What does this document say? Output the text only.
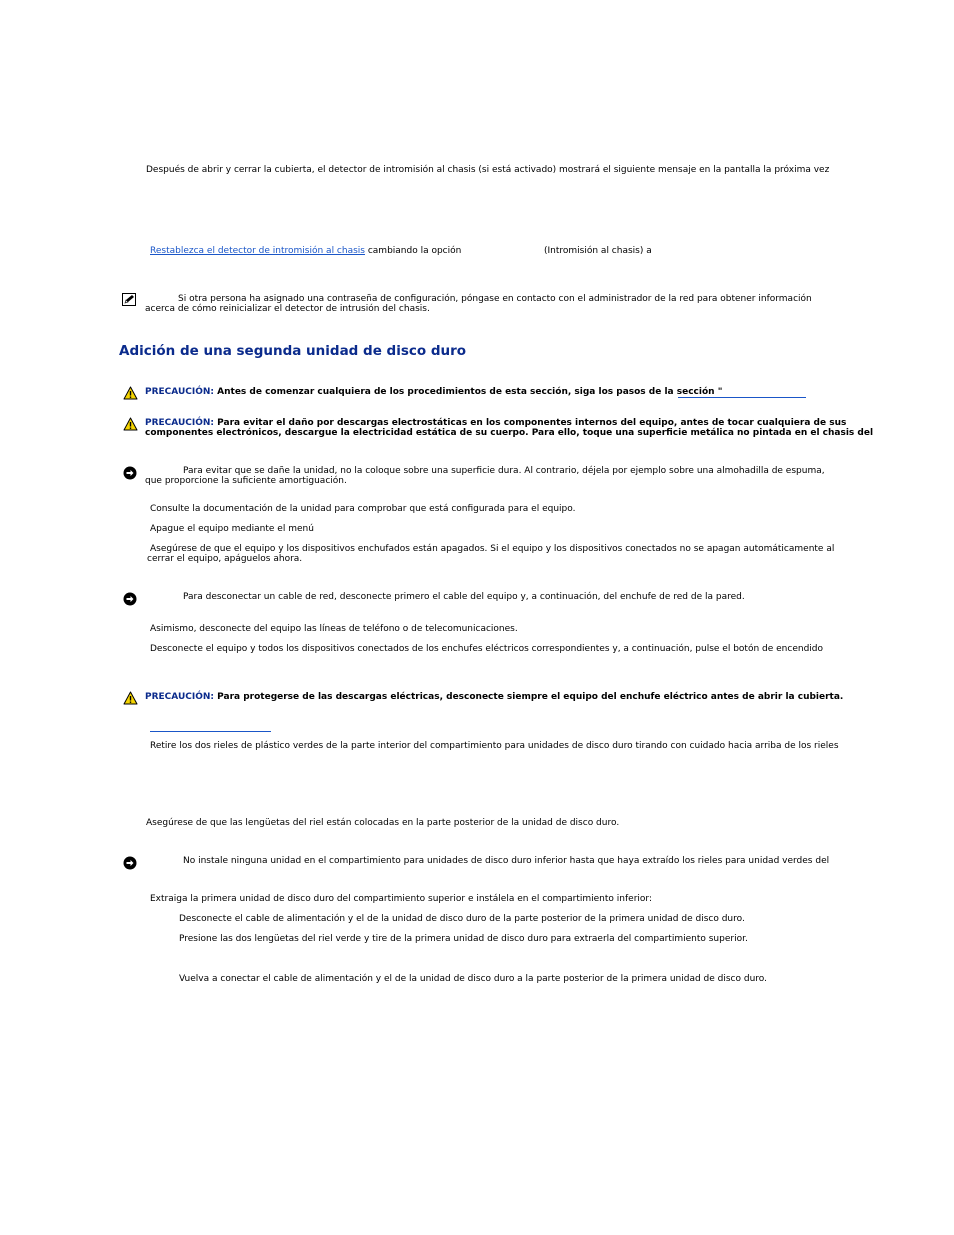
Después de abrir y cerrar la cubierta, el detector de intromisión al chasis (si está activado) mostrará el siguiente mensaje en la pantalla la próxima vez

Restablezca el detector de intromisión al chasis cambiando la opción	(Intromisión al chasis) a

Si otra persona ha asignado una contraseña de configuración, póngase en contacto con el administrador de la red para obtener información

acerca de cómo reinicializar el detector de intrusión del chasis.

Adición de una segunda unidad de disco duro

PRECAUCIÓN: Antes de comenzar cualquiera de los procedimientos de esta sección, siga los pasos de la sección "

PRECAUCIÓN: Para evitar el daño por descargas electrostáticas en los componentes internos del equipo, antes de tocar cualquiera de sus

componentes electrónicos, descargue la electricidad estática de su cuerpo. Para ello, toque una superficie metálica no pintada en el chasis del

Para evitar que se dañe la unidad, no la coloque sobre una superficie dura. Al contrario, déjela por ejemplo sobre una almohadilla de espuma,

que proporcione la suficiente amortiguación.

Consulte la documentación de la unidad para comprobar que está configurada para el equipo.

Apague el equipo mediante el menú

Asegúrese de que el equipo y los dispositivos enchufados están apagados. Si el equipo y los dispositivos conectados no se apagan automáticamente al

cerrar el equipo, apáguelos ahora.

Para desconectar un cable de red, desconecte primero el cable del equipo y, a continuación, del enchufe de red de la pared.

Asimismo, desconecte del equipo las líneas de teléfono o de telecomunicaciones.

Desconecte el equipo y todos los dispositivos conectados de los enchufes eléctricos correspondientes y, a continuación, pulse el botón de encendido

PRECAUCIÓN: Para protegerse de las descargas eléctricas, desconecte siempre el equipo del enchufe eléctrico antes de abrir la cubierta.

Retire los dos rieles de plástico verdes de la parte interior del compartimiento para unidades de disco duro tirando con cuidado hacia arriba de los rieles

Asegúrese de que las lengüetas del riel están colocadas en la parte posterior de la unidad de disco duro.

No instale ninguna unidad en el compartimiento para unidades de disco duro inferior hasta que haya extraído los rieles para unidad verdes del

Extraiga la primera unidad de disco duro del compartimiento superior e instálela en el compartimiento inferior:

Desconecte el cable de alimentación y el de la unidad de disco duro de la parte posterior de la primera unidad de disco duro.

Presione las dos lengüetas del riel verde y tire de la primera unidad de disco duro para extraerla del compartimiento superior.

Vuelva a conectar el cable de alimentación y el de la unidad de disco duro a la parte posterior de la primera unidad de disco duro.
